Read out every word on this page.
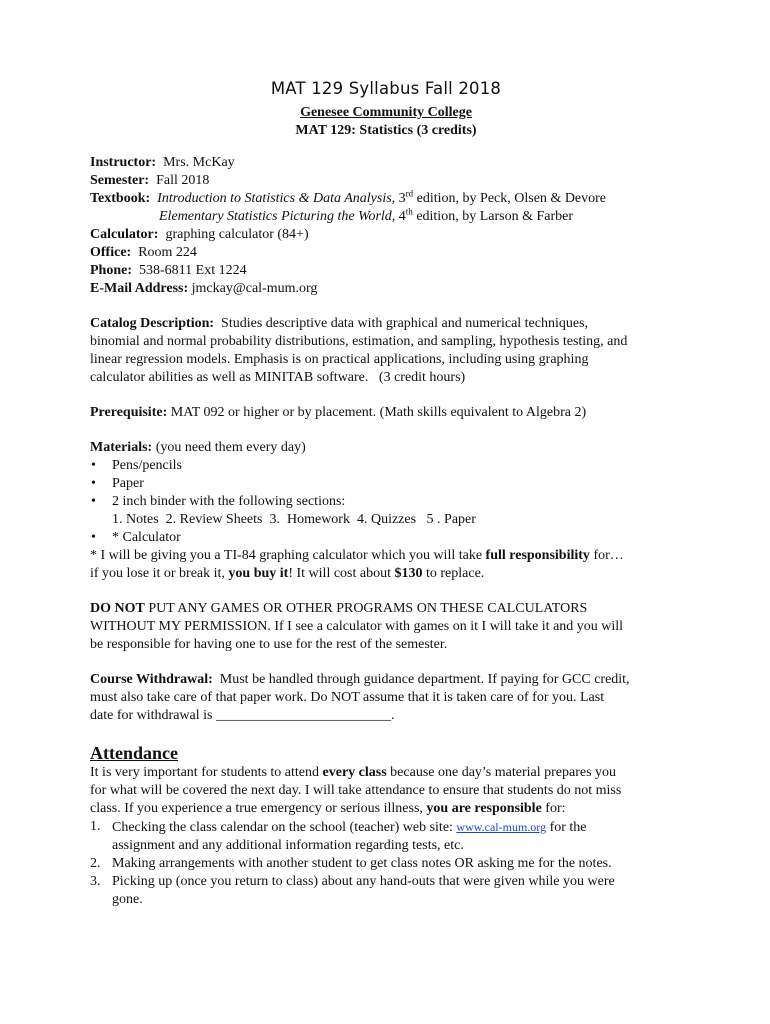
MAT 129 Syllabus Fall 2018
Genesee Community College
MAT 129: Statistics (3 credits)
Instructor: Mrs. McKay
Semester: Fall 2018
Textbook: Introduction to Statistics & Data Analysis, 3rd edition, by Peck, Olsen & Devore
Elementary Statistics Picturing the World, 4th edition, by Larson & Farber
Calculator: graphing calculator (84+)
Office: Room 224
Phone: 538-6811 Ext 1224
E-Mail Address: jmckay@cal-mum.org
Catalog Description: Studies descriptive data with graphical and numerical techniques,
binomial and normal probability distributions, estimation, and sampling, hypothesis testing, and
linear regression models. Emphasis is on practical applications, including using graphing
calculator abilities as well as MINITAB software.   (3 credit hours)
Prerequisite: MAT 092 or higher or by placement. (Math skills equivalent to Algebra 2)
Materials: (you need them every day)
• Pens/pencils
• Paper
• 2 inch binder with the following sections:
1. Notes  2. Review Sheets  3.  Homework  4. Quizzes   5 . Paper
• * Calculator
* I will be giving you a TI-84 graphing calculator which you will take full responsibility for…
if you lose it or break it, you buy it! It will cost about $130 to replace.
DO NOT PUT ANY GAMES OR OTHER PROGRAMS ON THESE CALCULATORS
WITHOUT MY PERMISSION. If I see a calculator with games on it I will take it and you will
be responsible for having one to use for the rest of the semester.
Course Withdrawal: Must be handled through guidance department. If paying for GCC credit,
must also take care of that paper work. Do NOT assume that it is taken care of for you. Last
date for withdrawal is _________________________.
Attendance
It is very important for students to attend every class because one day’s material prepares you
for what will be covered the next day. I will take attendance to ensure that students do not miss
class. If you experience a true emergency or serious illness, you are responsible for:
1. Checking the class calendar on the school (teacher) web site: www.cal-mum.org for the
assignment and any additional information regarding tests, etc.
2. Making arrangements with another student to get class notes OR asking me for the notes.
3. Picking up (once you return to class) about any hand-outs that were given while you were
gone.
